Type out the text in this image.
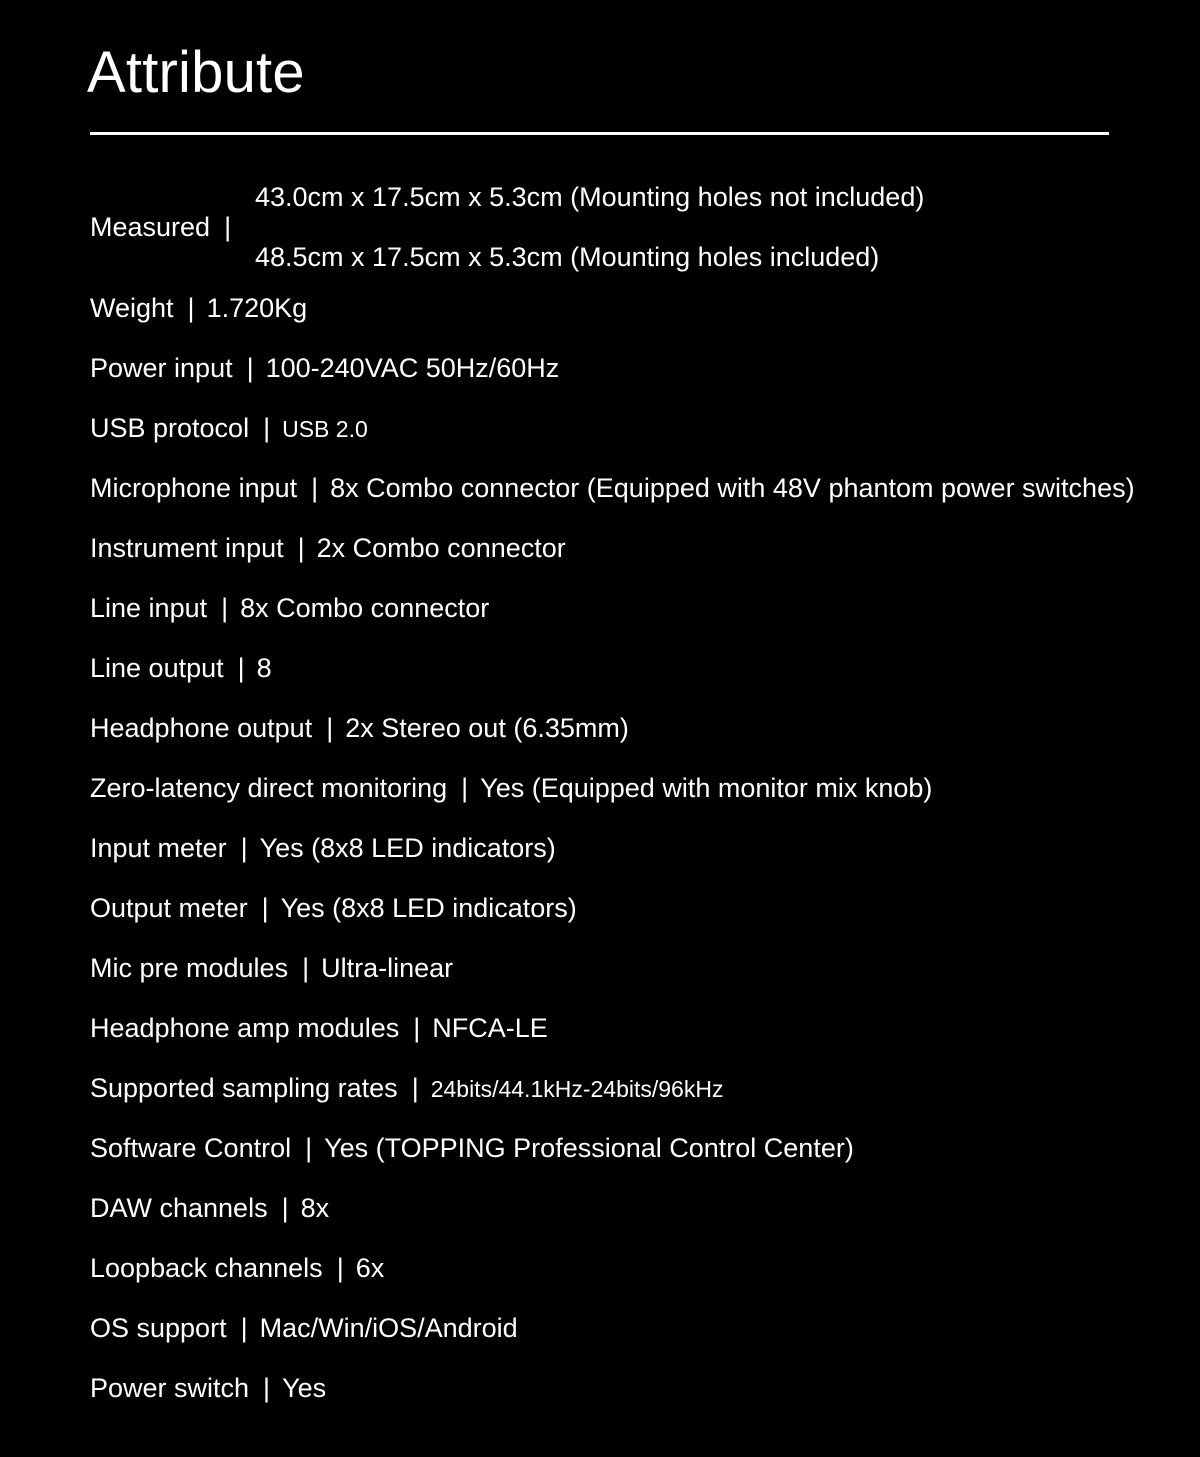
Attribute
Measured |
43.0cm x 17.5cm x 5.3cm (Mounting holes not included)
48.5cm x 17.5cm x 5.3cm (Mounting holes included)
Weight | 1.720Kg
Power input | 100-240VAC 50Hz/60Hz
USB protocol | USB 2.0
Microphone input | 8x Combo connector (Equipped with 48V phantom power switches)
Instrument input | 2x Combo connector
Line input | 8x Combo connector
Line output | 8
Headphone output | 2x Stereo out (6.35mm)
Zero-latency direct monitoring | Yes (Equipped with monitor mix knob)
Input meter | Yes (8x8 LED indicators)
Output meter | Yes (8x8 LED indicators)
Mic pre modules | Ultra-linear
Headphone amp modules | NFCA-LE
Supported sampling rates | 24bits/44.1kHz-24bits/96kHz
Software Control | Yes (TOPPING Professional Control Center)
DAW channels | 8x
Loopback channels | 6x
OS support | Mac/Win/iOS/Android
Power switch | Yes
